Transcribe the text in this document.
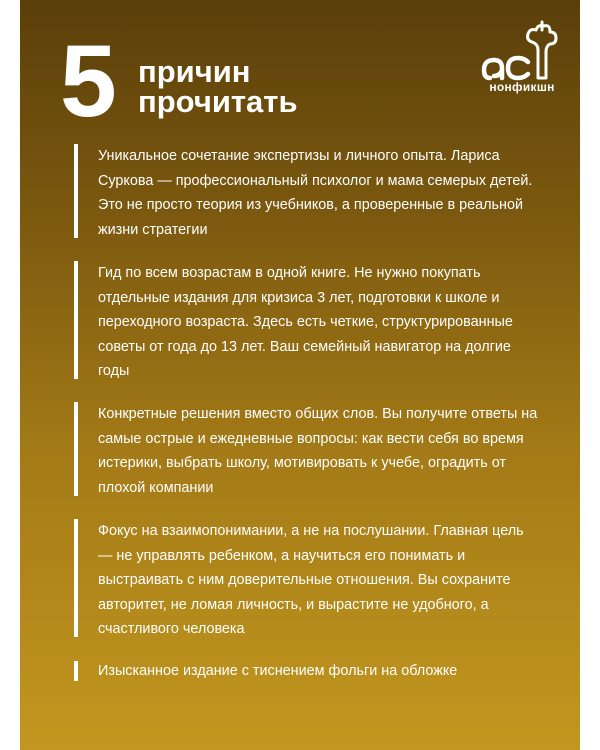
5 причин
прочитать	нонфикшн
Уникальное сочетание экспертизы и личного опыта. Лариса Суркова — профессиональный психолог и мама семерых детей. Это не просто теория из учебников, а проверенные в реальной жизни стратегии
Гид по всем возрастам в одной книге. Не нужно покупать отдельные издания для кризиса 3 лет, подготовки к школе и переходного возраста. Здесь есть четкие, структурированные советы от года до 13 лет. Ваш семейный навигатор на долгие годы
Конкретные решения вместо общих слов. Вы получите ответы на самые острые и ежедневные вопросы: как вести себя во время истерики, выбрать школу, мотивировать к учебе, оградить от плохой компании
Фокус на взаимопонимании, а не на послушании. Главная цель — не управлять ребенком, а научиться его понимать и выстраивать с ним доверительные отношения. Вы сохраните авторитет, не ломая личность, и вырастите не удобного, а счастливого человека
Изысканное издание с тиснением фольги на обложке
